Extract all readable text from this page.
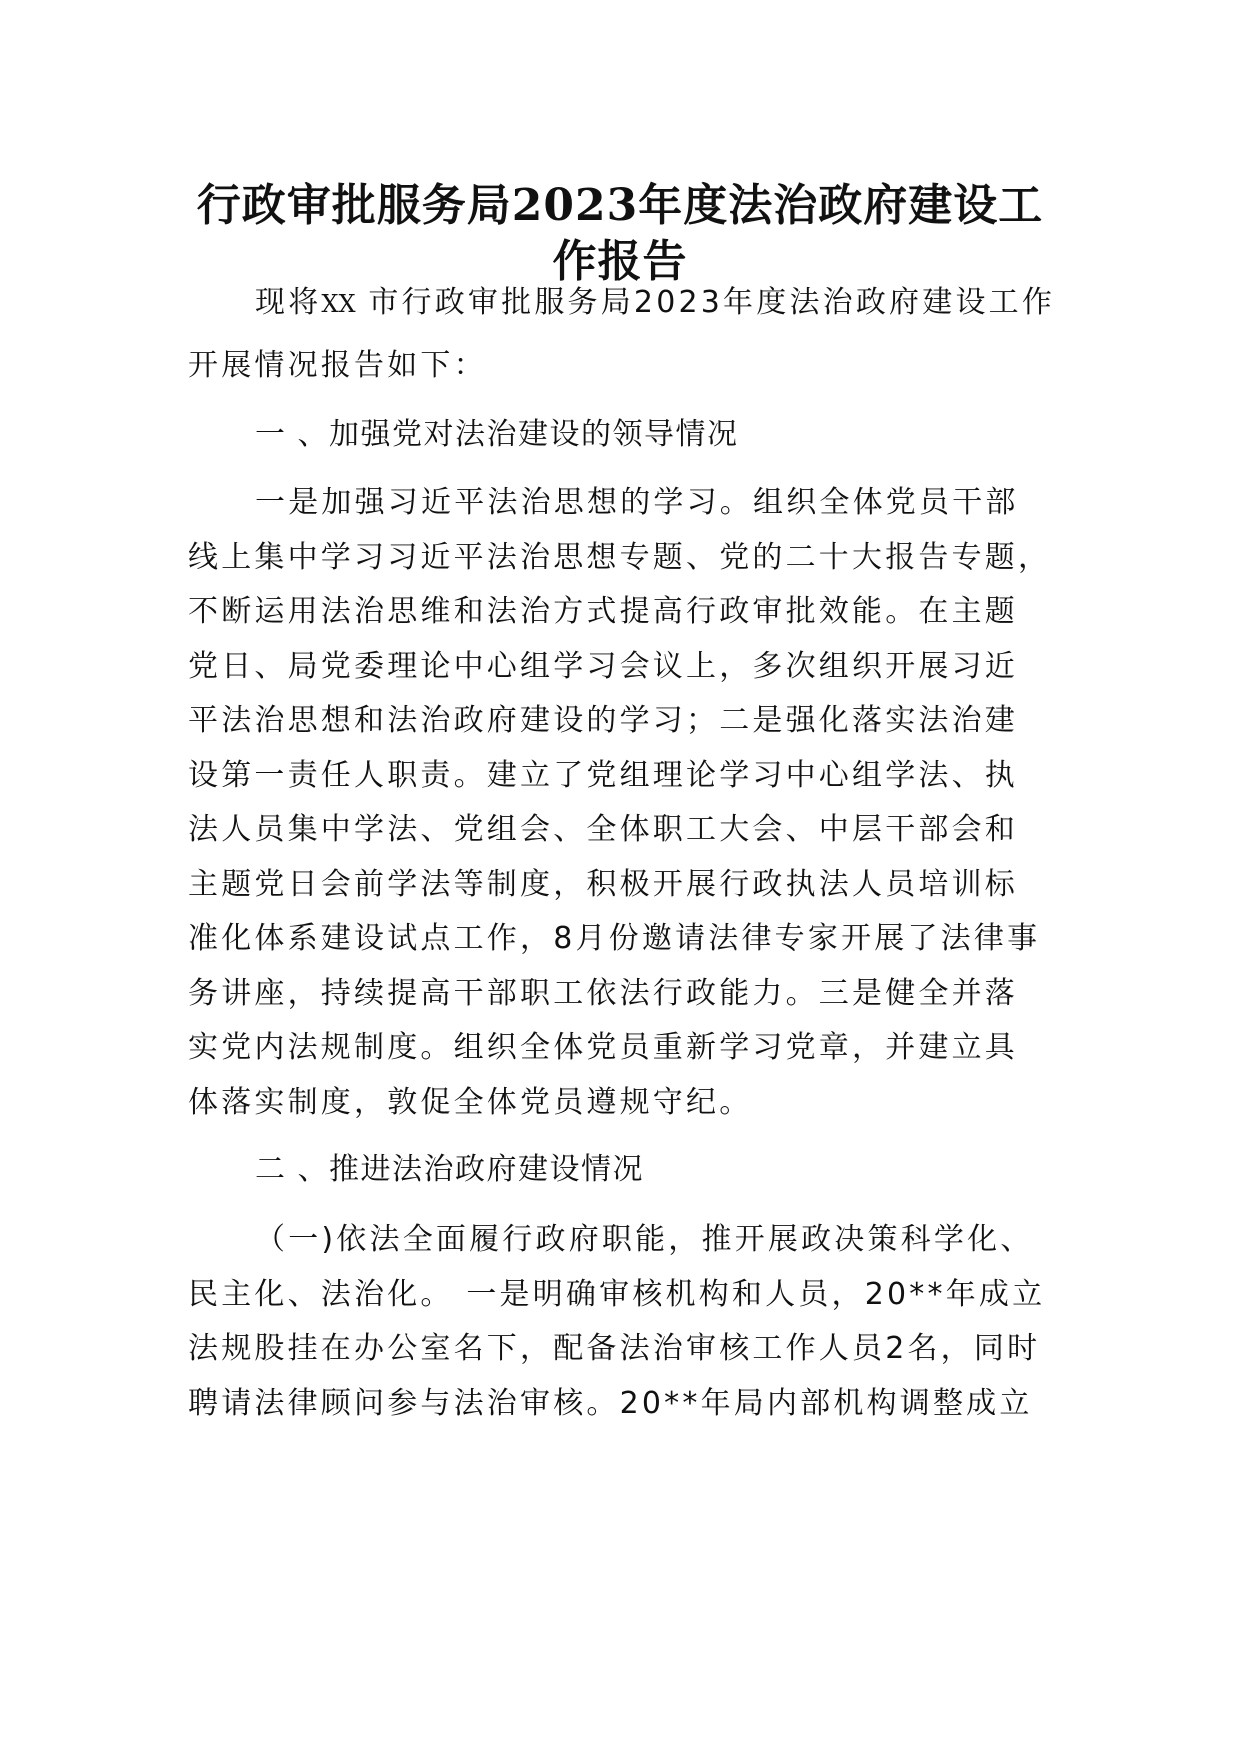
行政审批服务局2023年度法治政府建设工
作报告

现将XX 市行政审批服务局2023年度法治政府建设工作

开展情况报告如下：

一 、加强党对法治建设的领导情况

一是加强习近平法治思想的学习。组织全体党员干部

线上集中学习习近平法治思想专题、党的二十大报告专题，

不断运用法治思维和法治方式提高行政审批效能。在主题

党日、局党委理论中心组学习会议上，多次组织开展习近

平法治思想和法治政府建设的学习；二是强化落实法治建

设第一责任人职责。建立了党组理论学习中心组学法、执

法人员集中学法、党组会、全体职工大会、中层干部会和

主题党日会前学法等制度，积极开展行政执法人员培训标

准化体系建设试点工作，8月份邀请法律专家开展了法律事

务讲座，持续提高干部职工依法行政能力。三是健全并落

实党内法规制度。组织全体党员重新学习党章，并建立具

体落实制度，敦促全体党员遵规守纪。

二 、推进法治政府建设情况

（一)依法全面履行政府职能，推开展政决策科学化、

民主化、法治化。 一是明确审核机构和人员，20**年成立

法规股挂在办公室名下，配备法治审核工作人员2名，同时

聘请法律顾问参与法治审核。20**年局内部机构调整成立
